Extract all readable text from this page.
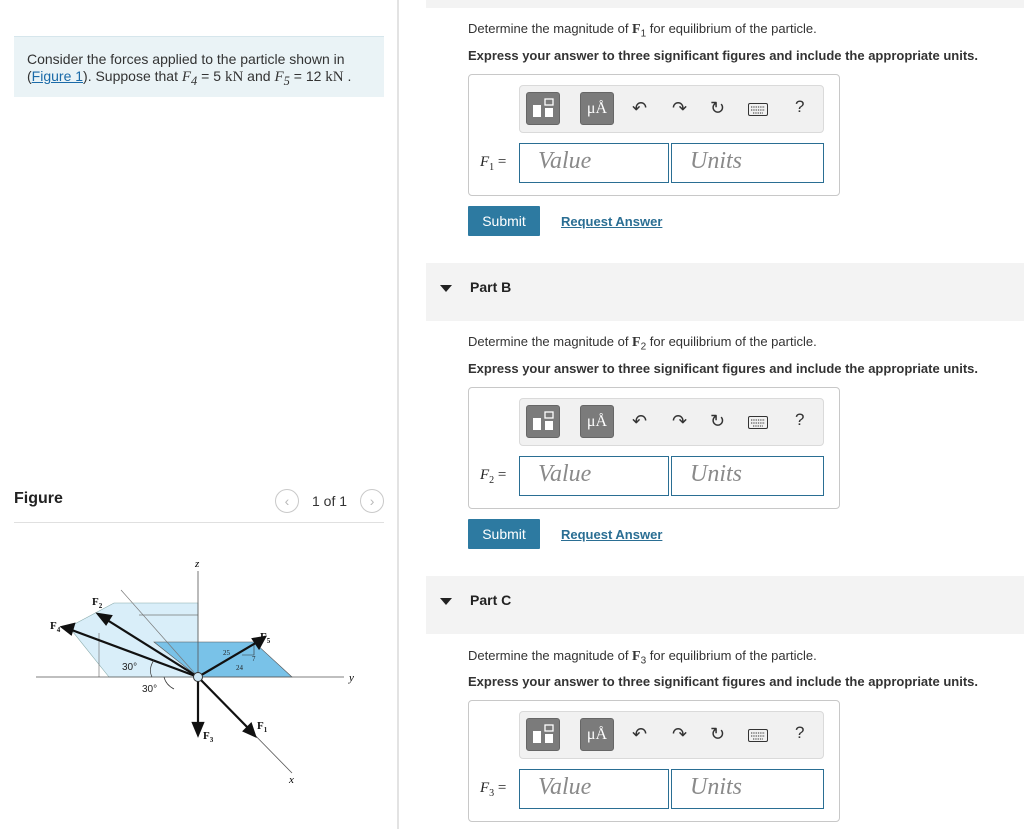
Consider the forces applied to the particle shown in
(Figure 1). Suppose that $F_4 = 5$ kN and $F_5 = 12$ kN .
Figure	‹	1 of 1	›
z
y
x
$F_2$
$F_4$
$F_5$
$F_3$
$F_1$
30°
30°
25
7
24
Determine the magnitude of $F_1$ for equilibrium of the particle.
Express your answer to three significant figures and include the appropriate units.
μÅ	↶ ↷ ↻	?
$F_1$ =	Value	Units
Submit	Request Answer
Part B
Determine the magnitude of $F_2$ for equilibrium of the particle.
Express your answer to three significant figures and include the appropriate units.
μÅ	↶ ↷ ↻	?
$F_2$ =	Value	Units
Submit	Request Answer
Part C
Determine the magnitude of $F_3$ for equilibrium of the particle.
Express your answer to three significant figures and include the appropriate units.
μÅ	↶ ↷ ↻	?
$F_3$ =	Value	Units
